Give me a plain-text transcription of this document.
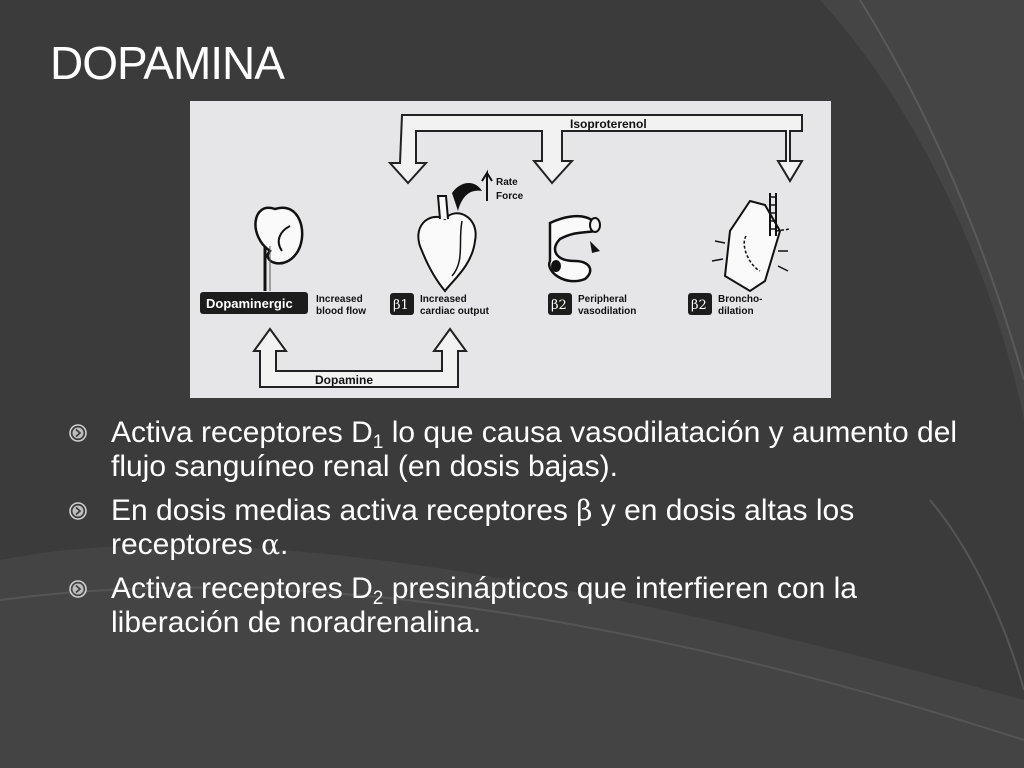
DOPAMINA
Isoproterenol
Rate
Force
Dopaminergic Increased
blood flow β1 Increased
cardiac output	β2 Peripheral
vasodilation	β2 Broncho-
dilation
Dopamine
Activa receptores $D_1$ lo que causa vasodilatación y aumento del flujo sanguíneo renal (en dosis bajas).
En dosis medias activa receptores β y en dosis altas los receptores α.
Activa receptores $D_2$ presinápticos que interfieren con la liberación de noradrenalina.
